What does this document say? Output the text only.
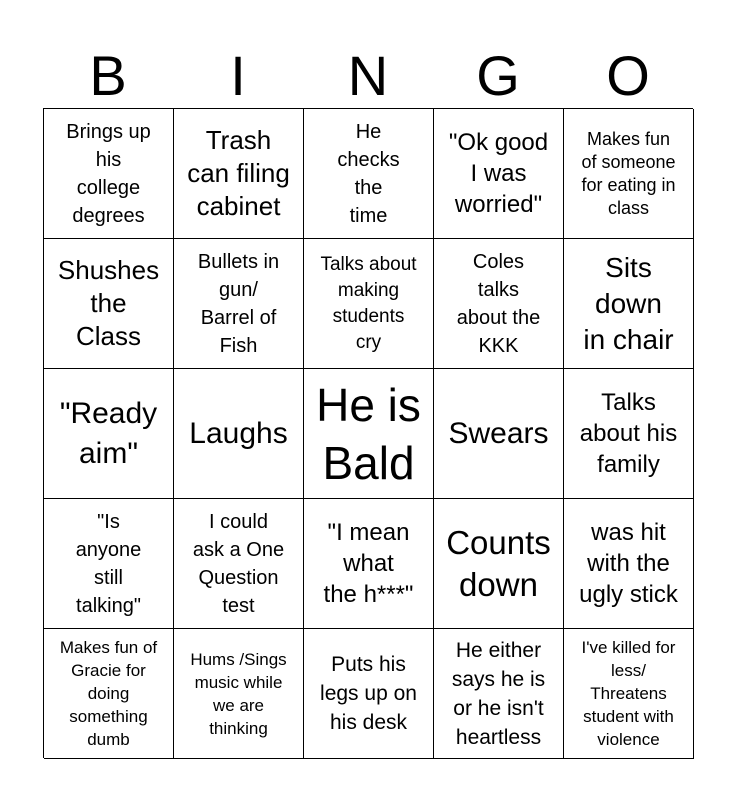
B	I	N	G	O
Brings up
his
college
degrees
Trash
can filing
cabinet
He
checks
the
time
"Ok good
I was
worried"
Makes fun
of someone
for eating in
class
Shushes
the
Class
Bullets in
gun/
Barrel of
Fish
Talks about
making
students
cry
Coles
talks
about the
KKK
Sits
down
in chair
"Ready
aim"
Laughs
He is
Bald
Swears
Talks
about his
family
"Is
anyone
still
talking"
I could
ask a One
Question
test
"I mean
what
the h***"
Counts
down
was hit
with the
ugly stick
Makes fun of
Gracie for
doing
something
dumb
Hums /Sings
music while
we are
thinking
Puts his
legs up on
his desk
He either
says he is
or he isn't
heartless
I've killed for
less/
Threatens
student with
violence
